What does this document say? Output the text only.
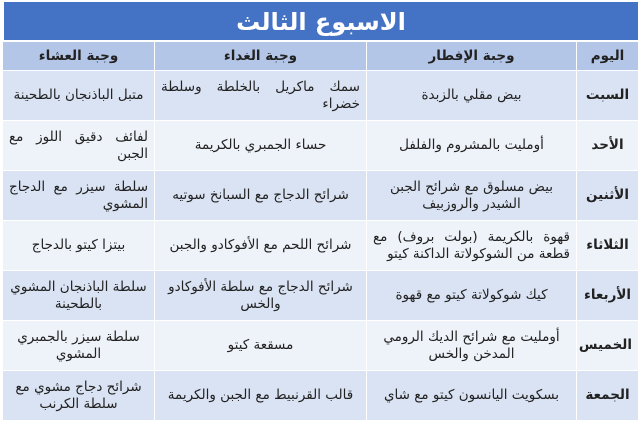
الاسبوع الثالث
اليوم	وجبة الإفطار	وجبة الغداء	وجبة العشاء
السبت	بيض مقلي بالزبدة	سمك ماكريل بالخلطة وسلطة خضراء	متبل الباذنجان بالطحينة
الأحد	أومليت بالمشروم والفلفل	حساء الجمبري بالكريمة	لفائف دقيق اللوز مع الجبن
الأثنين	بيض مسلوق مع شرائح الجبن الشيدر والروزبيف	شرائح الدجاج مع السبانخ سوتيه	سلطة سيزر مع الدجاج المشوي
الثلاثاء	قهوة بالكريمة (بولت بروف) مع قطعة من الشوكولاتة الداكنة كيتو	شرائح اللحم مع الأفوكادو والجبن	بيتزا كيتو بالدجاج
الأربعاء	كيك شوكولاتة كيتو مع قهوة	شرائح الدجاج مع سلطة الأفوكادو والخس	سلطة الباذنجان المشوي بالطحينة
الخميس	أومليت مع شرائح الديك الرومي المدخن والخس	مسقعة كيتو	سلطة سيزر بالجمبري المشوي
الجمعة	بسكويت اليانسون كيتو مع شاي	قالب القرنبيط مع الجبن والكريمة	شرائح دجاج مشوي مع سلطة الكرنب
